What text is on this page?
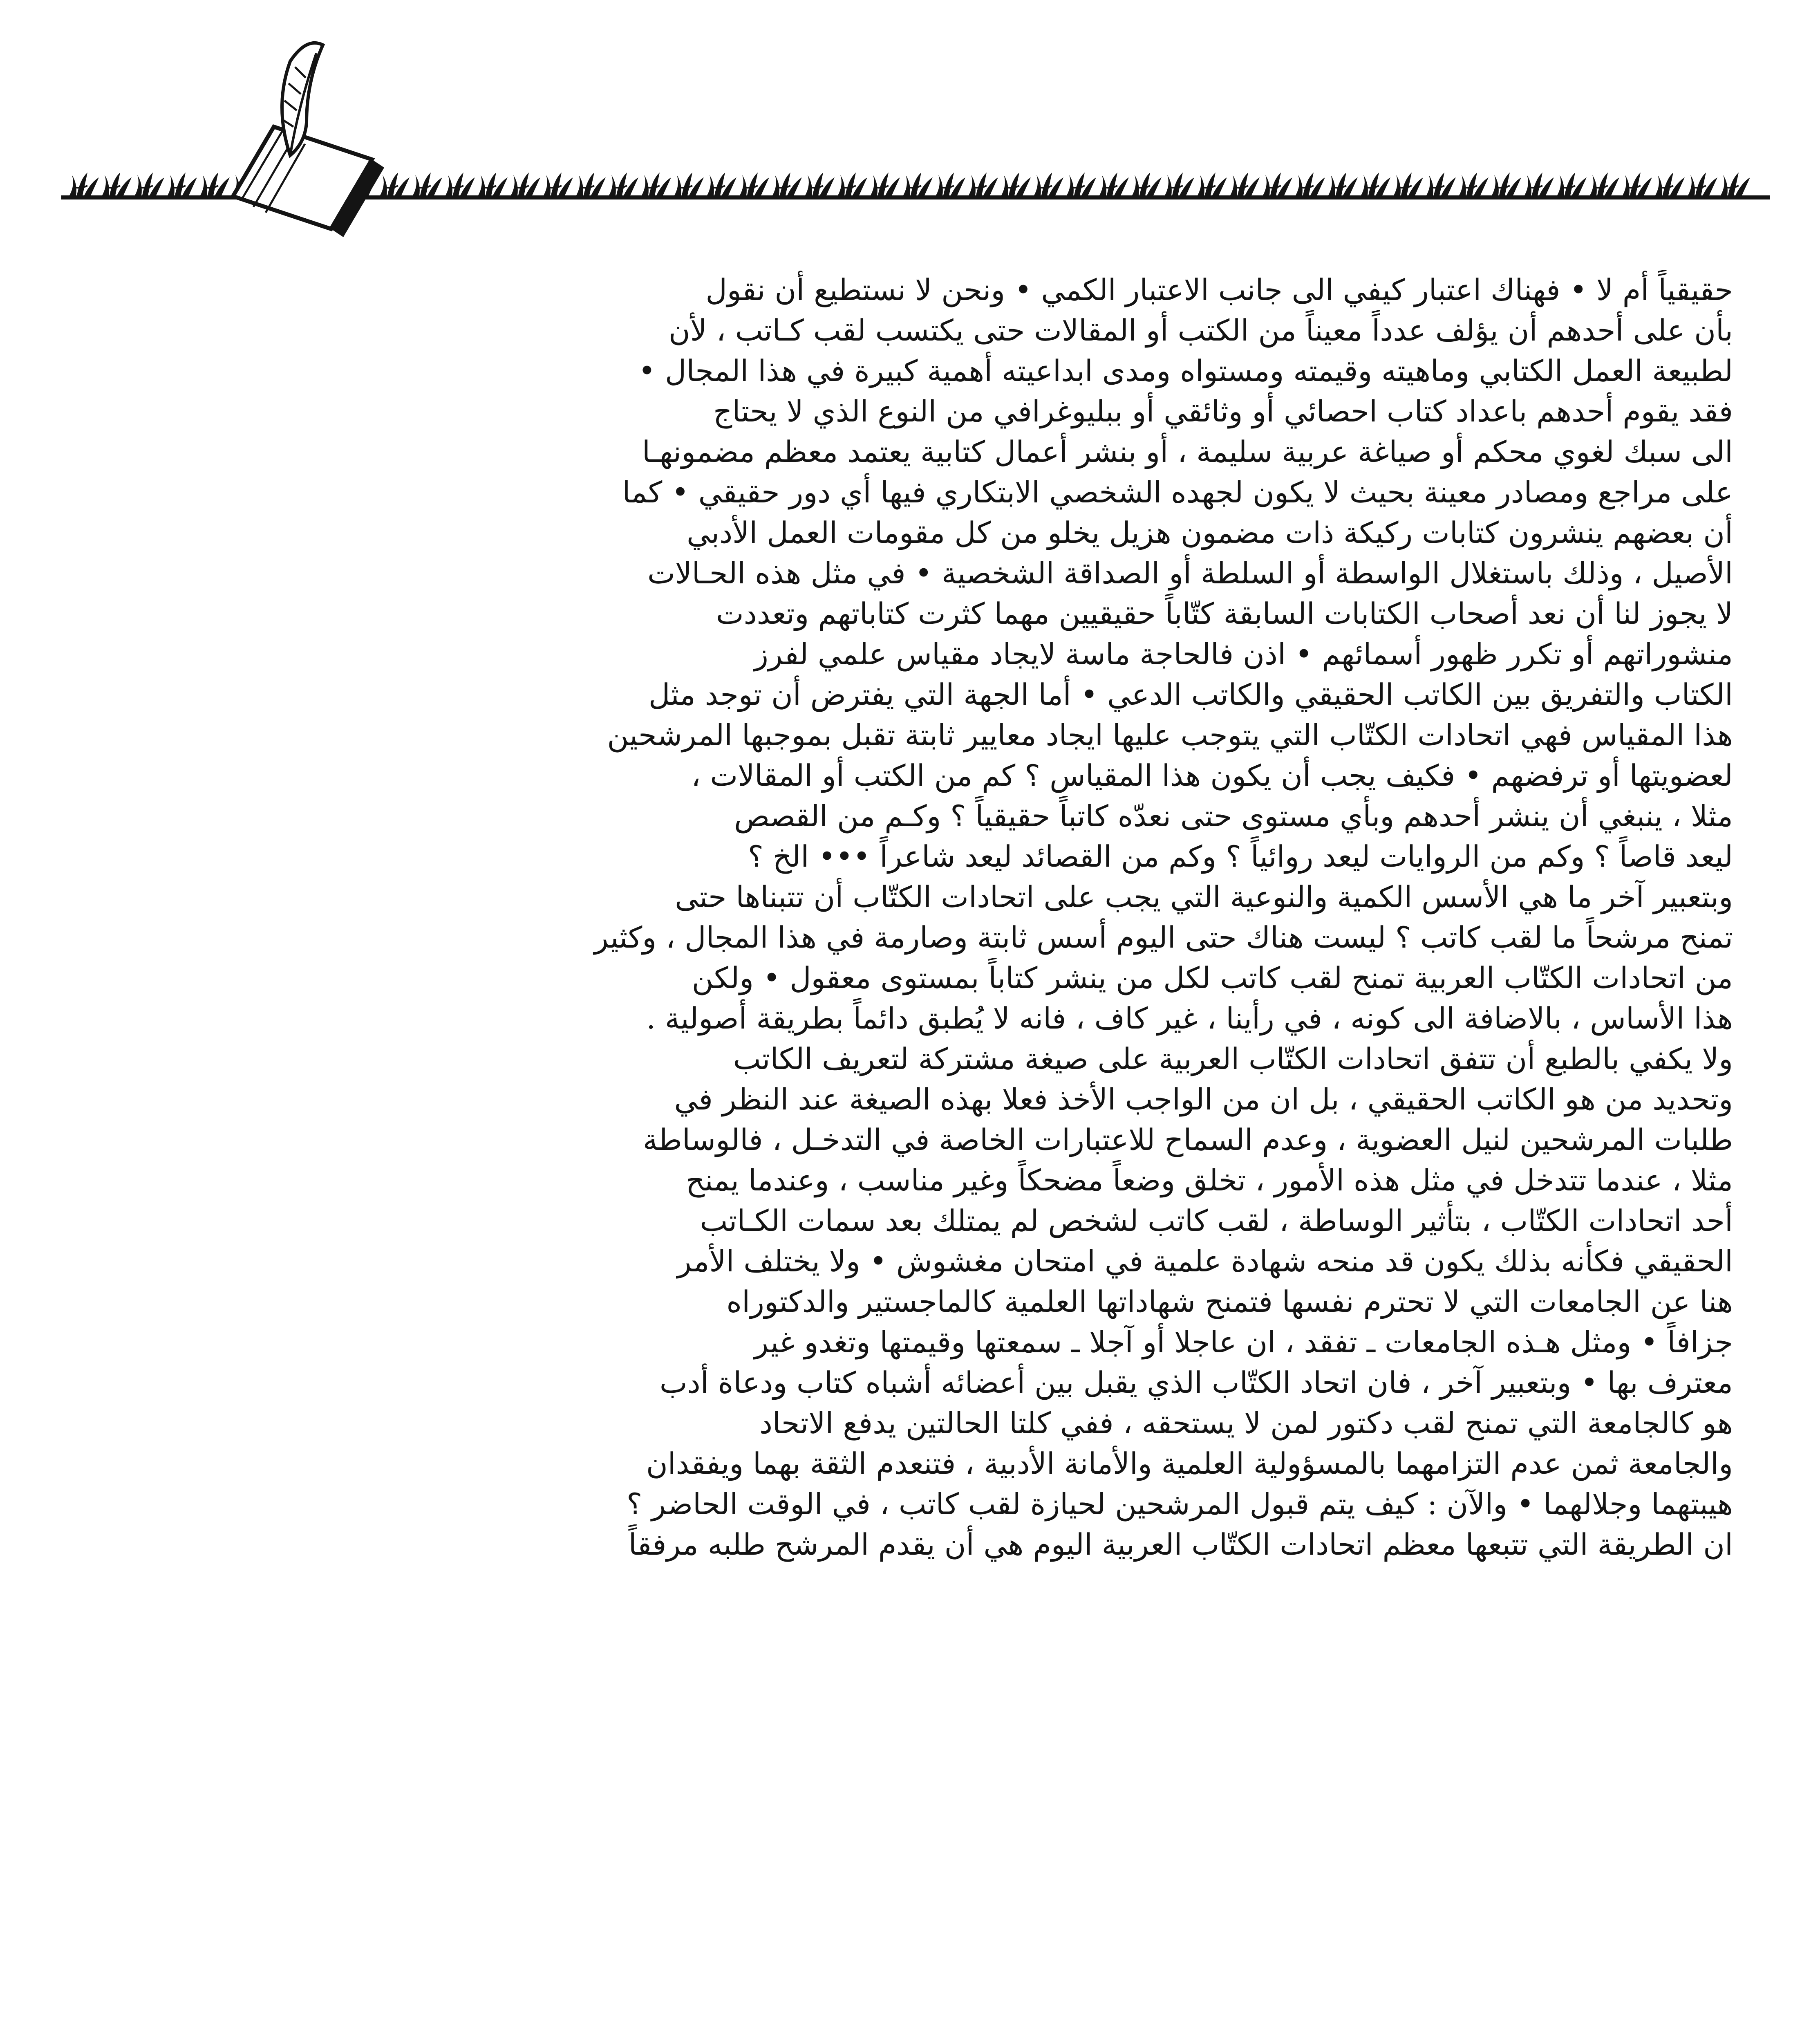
حقيقياً أم لا • فهناك اعتبار كيفي الى جانب الاعتبار الكمي • ونحن لا نستطيع أن نقول
بأن على أحدهم أن يؤلف عدداً معيناً من الكتب أو المقالات حتى يكتسب لقب كـاتب ، لأن
لطبيعة العمل الكتابي وماهيته وقيمته ومستواه ومدى ابداعيته أهمية كبيرة في هذا المجال •
فقد يقوم أحدهم باعداد كتاب احصائي أو وثائقي أو ببليوغرافي من النوع الذي لا يحتاج
الى سبك لغوي محكم أو صياغة عربية سليمة ، أو بنشر أعمال كتابية يعتمد معظم مضمونهـا
على مراجع ومصادر معينة بحيث لا يكون لجهده الشخصي الابتكاري فيها أي دور حقيقي • كما
أن بعضهم ينشرون كتابات ركيكة ذات مضمون هزيل يخلو من كل مقومات العمل الأدبي
الأصيل ، وذلك باستغلال الواسطة أو السلطة أو الصداقة الشخصية • في مثل هذه الحـالات
لا يجوز لنا أن نعد أصحاب الكتابات السابقة كتّاباً حقيقيين مهما كثرت كتاباتهم وتعددت
منشوراتهم أو تكرر ظهور أسمائهم • اذن فالحاجة ماسة لايجاد مقياس علمي لفرز
الكتاب والتفريق بين الكاتب الحقيقي والكاتب الدعي • أما الجهة التي يفترض أن توجد مثل
هذا المقياس فهي اتحادات الكتّاب التي يتوجب عليها ايجاد معايير ثابتة تقبل بموجبها المرشحين
لعضويتها أو ترفضهم • فكيف يجب أن يكون هذا المقياس ؟ كم من الكتب أو المقالات ،
مثلا ، ينبغي أن ينشر أحدهم وبأي مستوى حتى نعدّه كاتباً حقيقياً ؟ وكـم من القصص
ليعد قاصاً ؟ وكم من الروايات ليعد روائياً ؟ وكم من القصائد ليعد شاعراً ••• الخ ؟
وبتعبير آخر ما هي الأسس الكمية والنوعية التي يجب على اتحادات الكتّاب أن تتبناها حتى
تمنح مرشحاً ما لقب كاتب ؟ ليست هناك حتى اليوم أسس ثابتة وصارمة في هذا المجال ، وكثير
من اتحادات الكتّاب العربية تمنح لقب كاتب لكل من ينشر كتاباً بمستوى معقول • ولكن
هذا الأساس ، بالاضافة الى كونه ، في رأينا ، غير كاف ، فانه لا يُطبق دائماً بطريقة أصولية .
ولا يكفي بالطبع أن تتفق اتحادات الكتّاب العربية على صيغة مشتركة لتعريف الكاتب
وتحديد من هو الكاتب الحقيقي ، بل ان من الواجب الأخذ فعلا بهذه الصيغة عند النظر في
طلبات المرشحين لنيل العضوية ، وعدم السماح للاعتبارات الخاصة في التدخـل ، فالوساطة
مثلا ، عندما تتدخل في مثل هذه الأمور ، تخلق وضعاً مضحكاً وغير مناسب ، وعندما يمنح
أحد اتحادات الكتّاب ، بتأثير الوساطة ، لقب كاتب لشخص لم يمتلك بعد سمات الكـاتب
الحقيقي فكأنه بذلك يكون قد منحه شهادة علمية في امتحان مغشوش • ولا يختلف الأمر
هنا عن الجامعات التي لا تحترم نفسها فتمنح شهاداتها العلمية كالماجستير والدكتوراه
جزافاً • ومثل هـذه الجامعات ـ تفقد ، ان عاجلا أو آجلا ـ سمعتها وقيمتها وتغدو غير
معترف بها • وبتعبير آخر ، فان اتحاد الكتّاب الذي يقبل بين أعضائه أشباه كتاب ودعاة أدب
هو كالجامعة التي تمنح لقب دكتور لمن لا يستحقه ، ففي كلتا الحالتين يدفع الاتحاد
والجامعة ثمن عدم التزامهما بالمسؤولية العلمية والأمانة الأدبية ، فتنعدم الثقة بهما ويفقدان
هيبتهما وجلالهما • والآن : كيف يتم قبول المرشحين لحيازة لقب كاتب ، في الوقت الحاضر ؟
ان الطريقة التي تتبعها معظم اتحادات الكتّاب العربية اليوم هي أن يقدم المرشح طلبه مرفقاً
